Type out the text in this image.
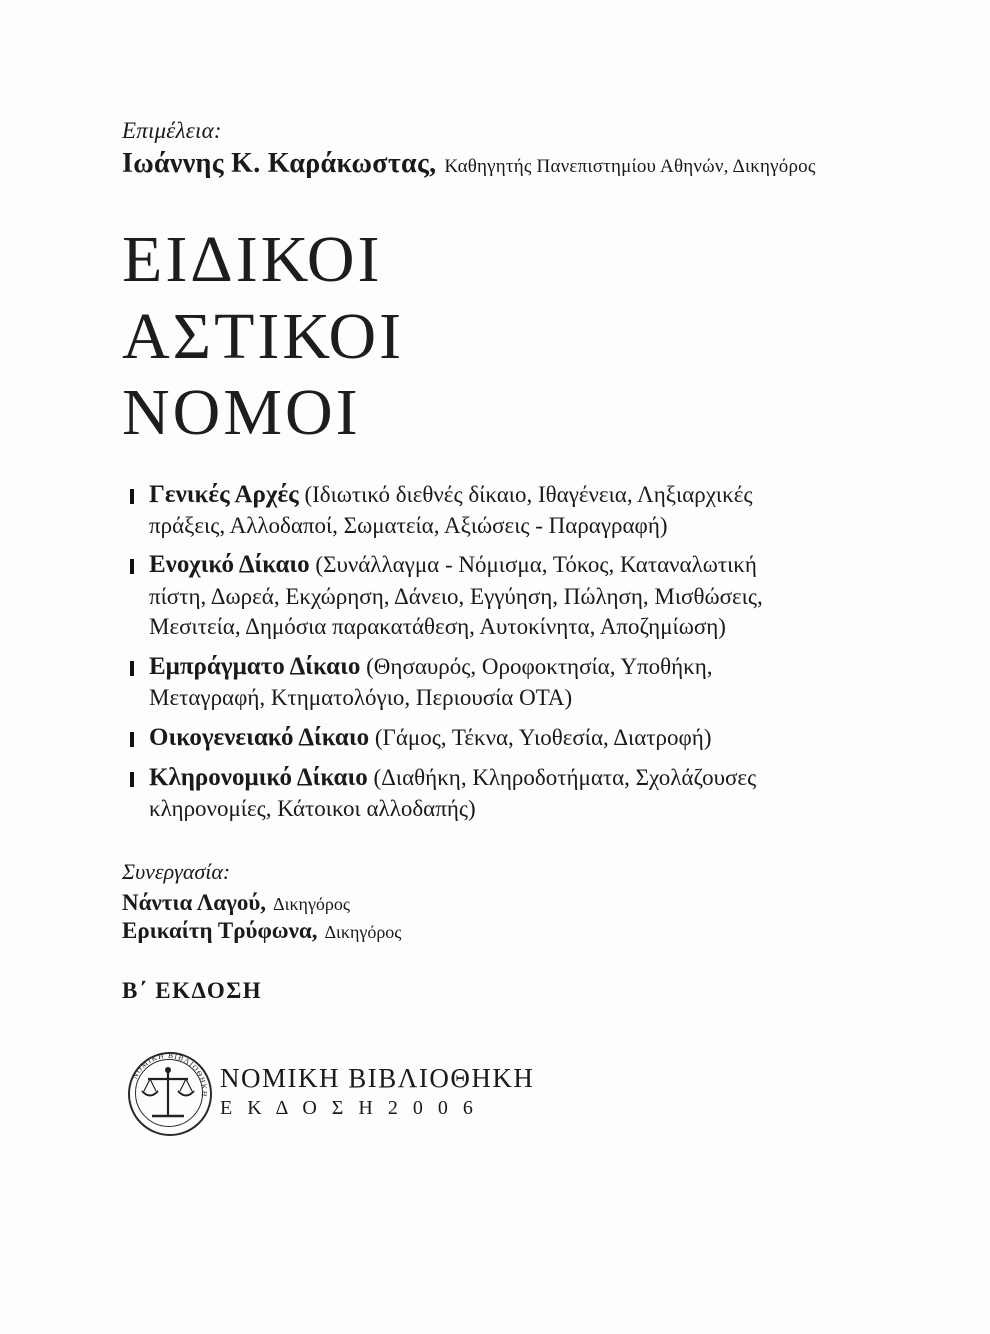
Επιμέλεια:
Ιωάννης Κ. Καράκωστας, Καθηγητής Πανεπιστημίου Αθηνών, Δικηγόρος
ΕΙΔΙΚΟΙ
ΑΣΤΙΚΟΙ
ΝΟΜΟΙ
Γενικές Αρχές (Ιδιωτικό διεθνές δίκαιο, Ιθαγένεια, Ληξιαρχικές πράξεις, Αλλοδαποί, Σωματεία, Αξιώσεις - Παραγραφή)
Ενοχικό Δίκαιο (Συνάλλαγμα - Νόμισμα, Τόκος, Καταναλωτική πίστη, Δωρεά, Εκχώρηση, Δάνειο, Εγγύηση, Πώληση, Μισθώσεις, Μεσιτεία, Δημόσια παρακατάθεση, Αυτοκίνητα, Αποζημίωση)
Εμπράγματο Δίκαιο (Θησαυρός, Οροφοκτησία, Υποθήκη, Μεταγραφή, Κτηματολόγιο, Περιουσία ΟΤΑ)
Οικογενειακό Δίκαιο (Γάμος, Τέκνα, Υιοθεσία, Διατροφή)
Κληρονομικό Δίκαιο (Διαθήκη, Κληροδοτήματα, Σχολάζουσες κληρονομίες, Κάτοικοι αλλοδαπής)
Συνεργασία:
Νάντια Λαγού, Δικηγόρος
Ερικαίτη Τρύφωνα, Δικηγόρος
Β΄ ΕΚΔΟΣΗ
ΝΟΜΙΚΗ ΒΙΒΛΙΟΘΗΚΗ
ΝΟΜΙΚΗ ΒΙΒΛΙΟΘΗΚΗ
Ε Κ Δ Ο Σ Η 2 0 0 6
